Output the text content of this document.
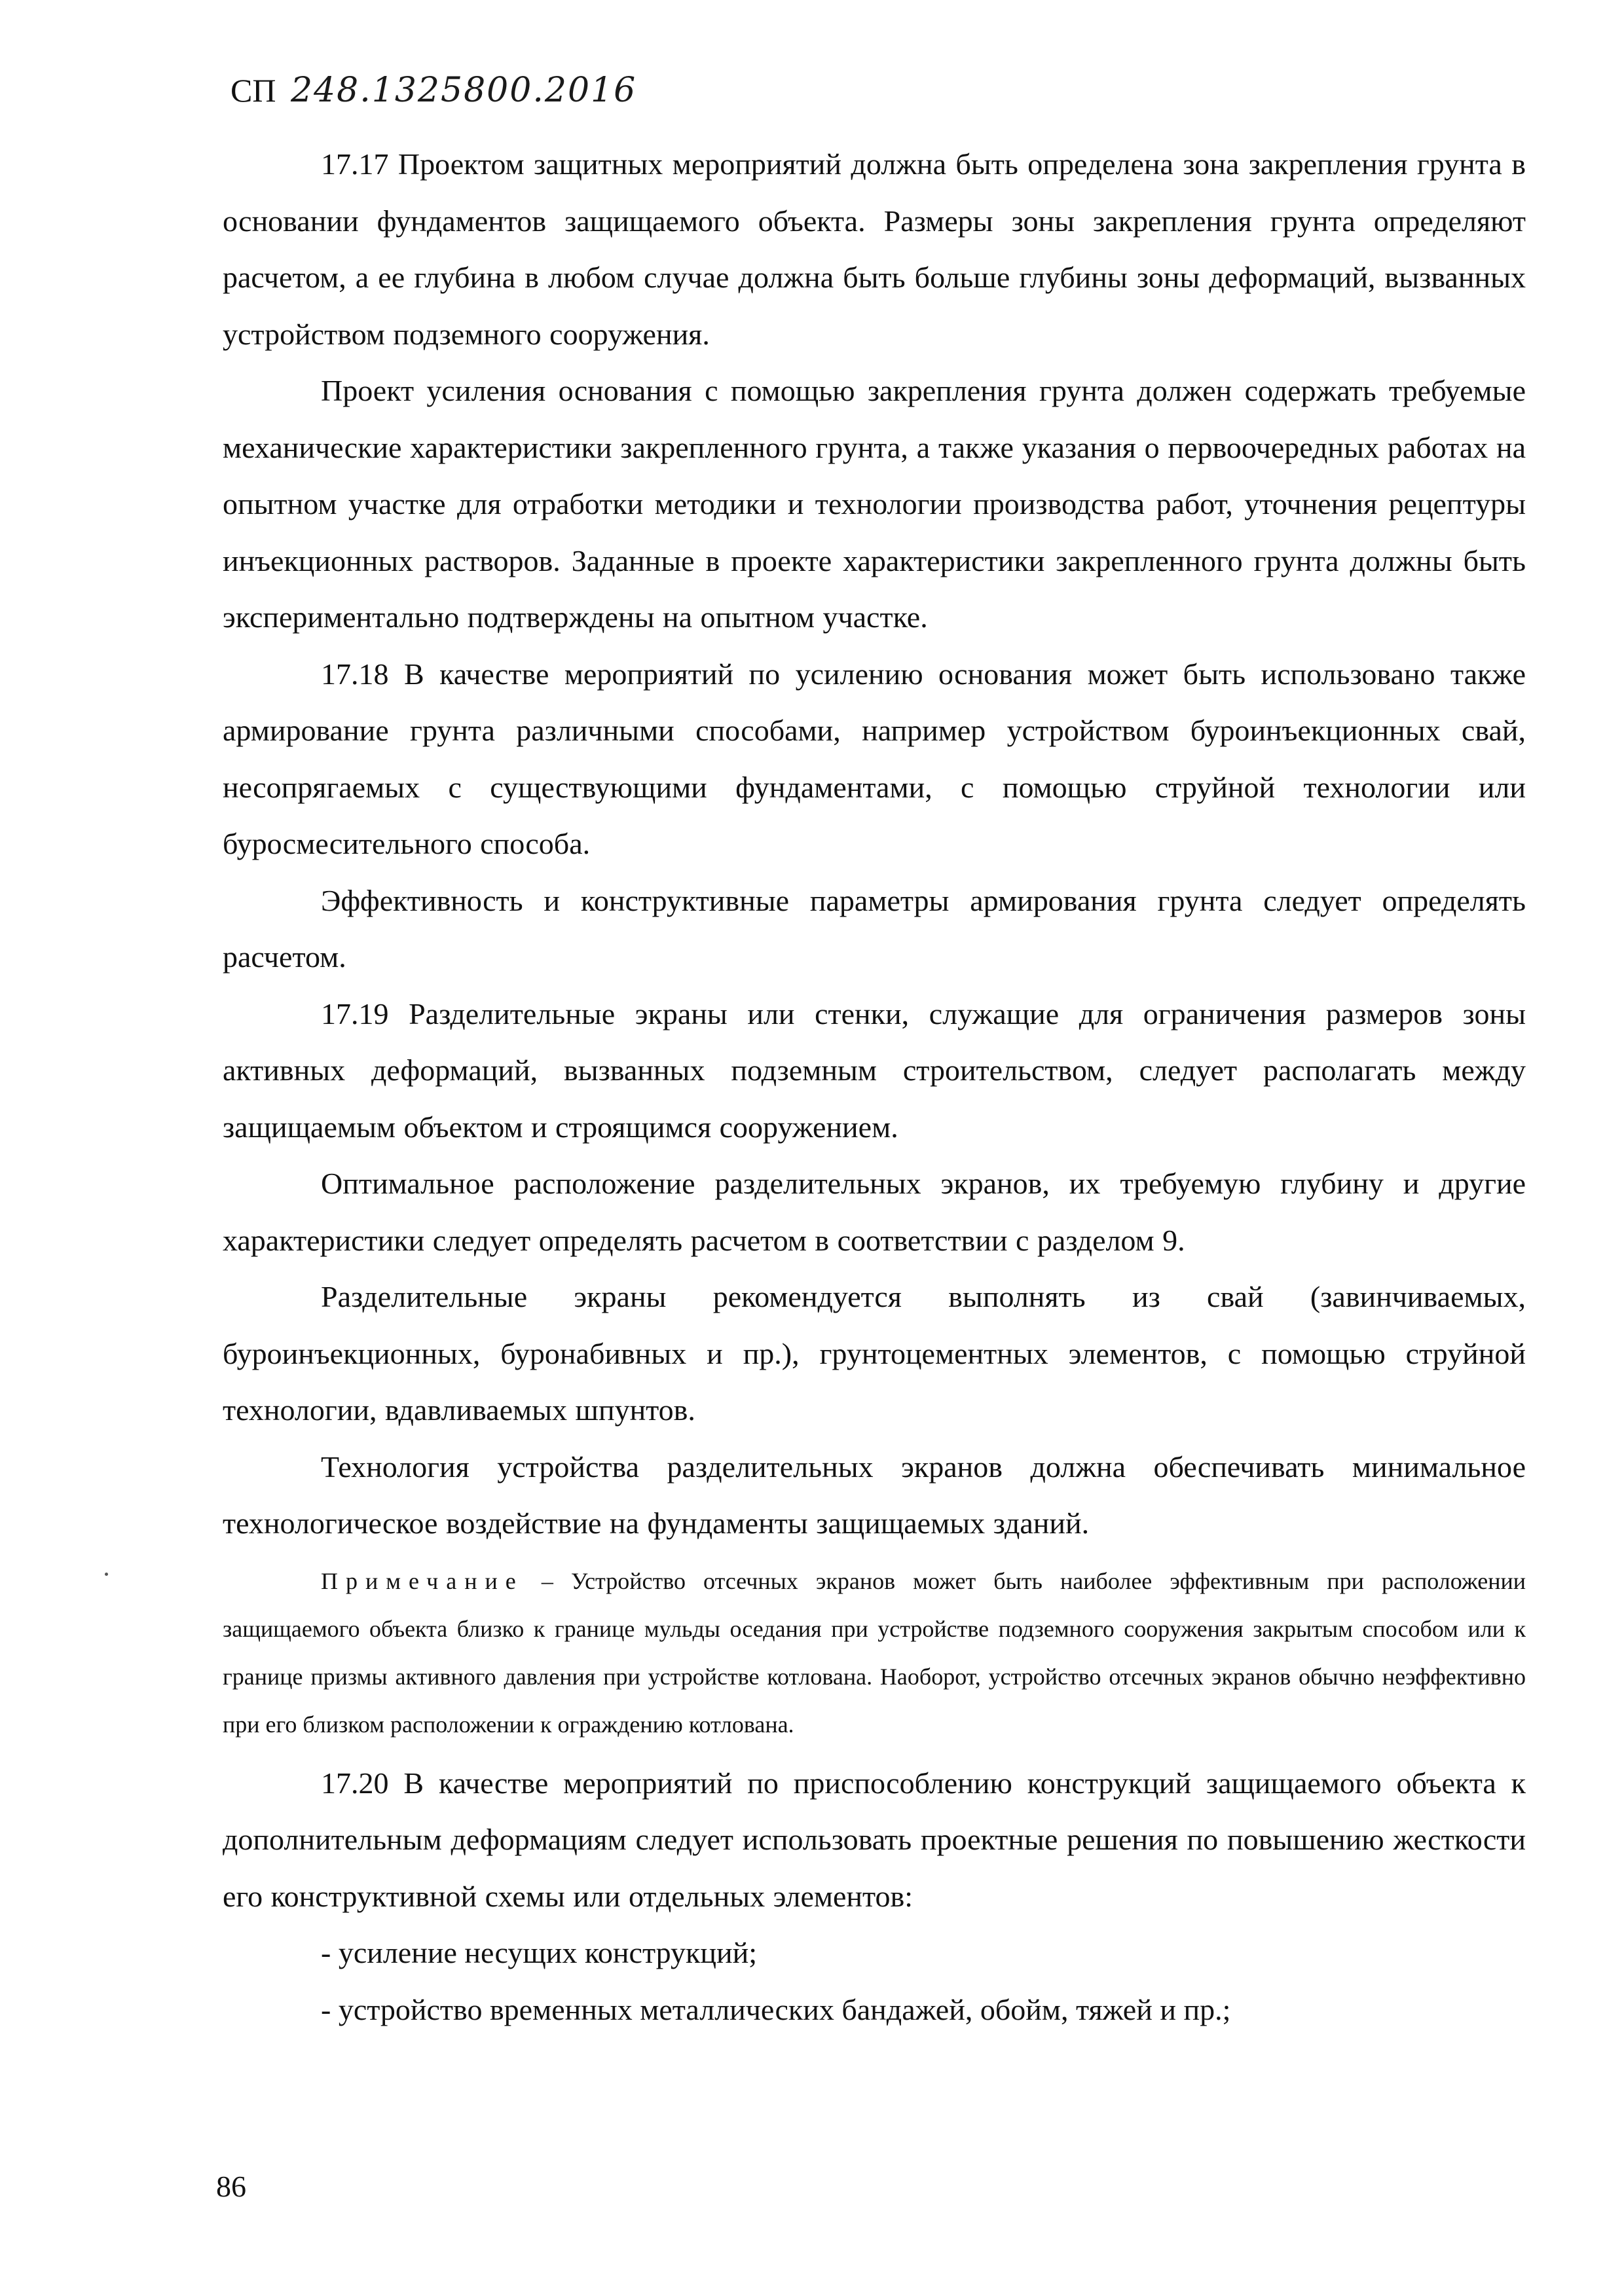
СП 248.1325800.2016

17.17 Проектом защитных мероприятий должна быть определена зона закрепления грунта в основании фундаментов защищаемого объекта. Размеры зоны закрепления грунта определяют расчетом, а ее глубина в любом случае должна быть больше глубины зоны деформаций, вызванных устройством подземного сооружения.

Проект усиления основания с помощью закрепления грунта должен содержать требуемые механические характеристики закрепленного грунта, а также указания о первоочередных работах на опытном участке для отработки методики и технологии производства работ, уточнения рецептуры инъекционных растворов. Заданные в проекте характеристики закрепленного грунта должны быть экспериментально подтверждены на опытном участке.

17.18 В качестве мероприятий по усилению основания может быть использовано также армирование грунта различными способами, например устройством буроинъекционных свай, несопрягаемых с существующими фундаментами, с помощью струйной технологии или буросмесительного способа.

Эффективность и конструктивные параметры армирования грунта следует определять расчетом.

17.19 Разделительные экраны или стенки, служащие для ограничения размеров зоны активных деформаций, вызванных подземным строительством, следует располагать между защищаемым объектом и строящимся сооружением.

Оптимальное расположение разделительных экранов, их требуемую глубину и другие характеристики следует определять расчетом в соответствии с разделом 9.

Разделительные экраны рекомендуется выполнять из свай (завинчиваемых, буроинъекционных, буронабивных и пр.), грунтоцементных элементов, с помощью струйной технологии, вдавливаемых шпунтов.

Технология устройства разделительных экранов должна обеспечивать минимальное технологическое воздействие на фундаменты защищаемых зданий.

Примечание – Устройство отсечных экранов может быть наиболее эффективным при расположении защищаемого объекта близко к границе мульды оседания при устройстве подземного сооружения закрытым способом или к границе призмы активного давления при устройстве котлована. Наоборот, устройство отсечных экранов обычно неэффективно при его близком расположении к ограждению котлована.

17.20 В качестве мероприятий по приспособлению конструкций защищаемого объекта к дополнительным деформациям следует использовать проектные решения по повышению жесткости его конструктивной схемы или отдельных элементов:

- усиление несущих конструкций;

- устройство временных металлических бандажей, обойм, тяжей и пр.;

86
